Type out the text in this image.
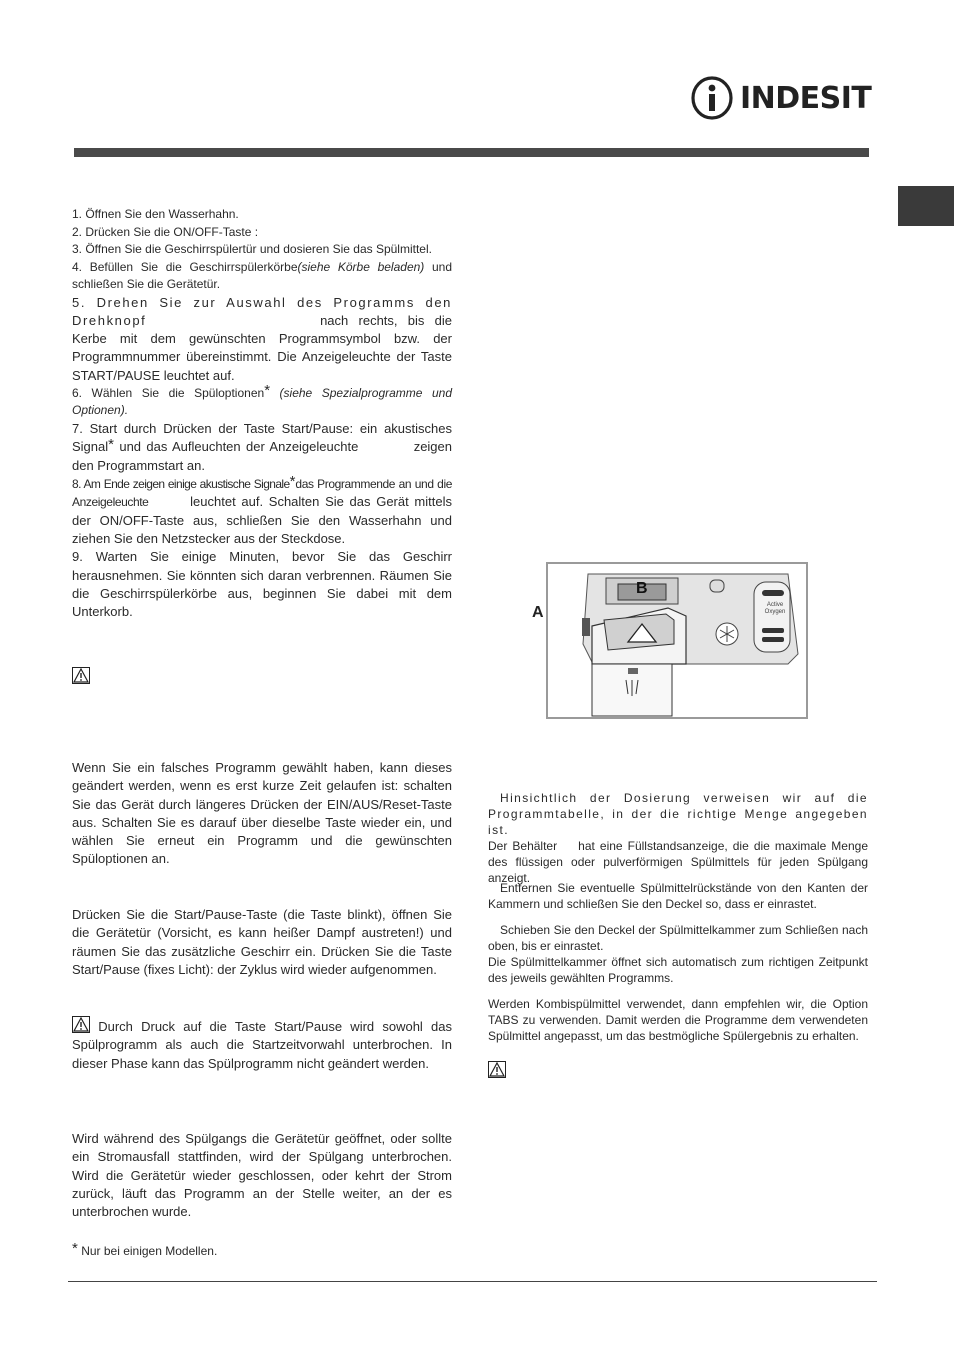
INDESIT

1. Öffnen Sie den Wasserhahn.

2. Drücken Sie die ON/OFF-Taste :

3. Öffnen Sie die Geschirrspülertür und dosieren Sie das Spülmittel.

4. Befüllen Sie die Geschirrspülerkörbe(siehe Körbe beladen) und schließen Sie die Gerätetür.

5. Drehen Sie zur Auswahl des Programms den Drehknopf	nach rechts, bis die Kerbe mit dem gewünschten Programmsymbol bzw. der Programmnummer übereinstimmt. Die Anzeigeleuchte der Taste START/PAUSE leuchtet auf.

6. Wählen Sie die Spüloptionen* (siehe Spezialprogramme und Optionen).

7. Start durch Drücken der Taste Start/Pause: ein akustisches Signal* und das Aufleuchten der Anzeigeleuchte	zeigen den Programmstart an.

8. Am Ende zeigen einige akustische Signale*das Programmende an und die Anzeigeleuchte	leuchtet auf. Schalten Sie das Gerät mittels der ON/OFF-Taste aus, schließen Sie den Wasserhahn und ziehen Sie den Netzstecker aus der Steckdose.

9. Warten Sie einige Minuten, bevor Sie das Geschirr herausnehmen. Sie könnten sich daran verbrennen. Räumen Sie die Geschirrspülerkörbe aus, beginnen Sie dabei mit dem Unterkorb.

Wenn Sie ein falsches Programm gewählt haben, kann dieses geändert werden, wenn es erst kurze Zeit gelaufen ist: schalten Sie das Gerät durch längeres Drücken der EIN/AUS/Reset-Taste aus. Schalten Sie es darauf über dieselbe Taste wieder ein, und wählen Sie erneut ein Programm und die gewünschten Spüloptionen an.

Drücken Sie die Start/Pause-Taste (die Taste blinkt), öffnen Sie die Gerätetür (Vorsicht, es kann heißer Dampf austreten!) und räumen Sie das zusätzliche Geschirr ein. Drücken Sie die Taste Start/Pause (fixes Licht): der Zyklus wird wieder aufgenommen.

Durch Druck auf die Taste Start/Pause wird sowohl das Spülprogramm als auch die Startzeitvorwahl unterbrochen. In dieser Phase kann das Spülprogramm nicht geändert werden.

Wird während des Spülgangs die Gerätetür geöffnet, oder sollte ein Stromausfall stattfinden, wird der Spülgang unterbrochen. Wird die Gerätetür wieder geschlossen, oder kehrt der Strom zurück, läuft das Programm an der Stelle weiter, an der es unterbrochen wurde.

* Nur bei einigen Modellen.
A
B
Active Oxygen

Hinsichtlich der Dosierung verweisen wir auf die Programmtabelle, in der die richtige Menge angegeben ist.

Der Behälter hat eine Füllstandsanzeige, die die maximale Menge des flüssigen oder pulverförmigen Spülmittels für jeden Spülgang anzeigt.

Entfernen Sie eventuelle Spülmittelrückstände von den Kanten der Kammern und schließen Sie den Deckel so, dass er einrastet.

Schieben Sie den Deckel der Spülmittelkammer zum Schließen nach oben, bis er einrastet.

Die Spülmittelkammer öffnet sich automatisch zum richtigen Zeitpunkt des jeweils gewählten Programms.

Werden Kombispülmittel verwendet, dann empfehlen wir, die Option TABS zu verwenden. Damit werden die Programme dem verwendeten Spülmittel angepasst, um das bestmögliche Spülergebnis zu erhalten.
